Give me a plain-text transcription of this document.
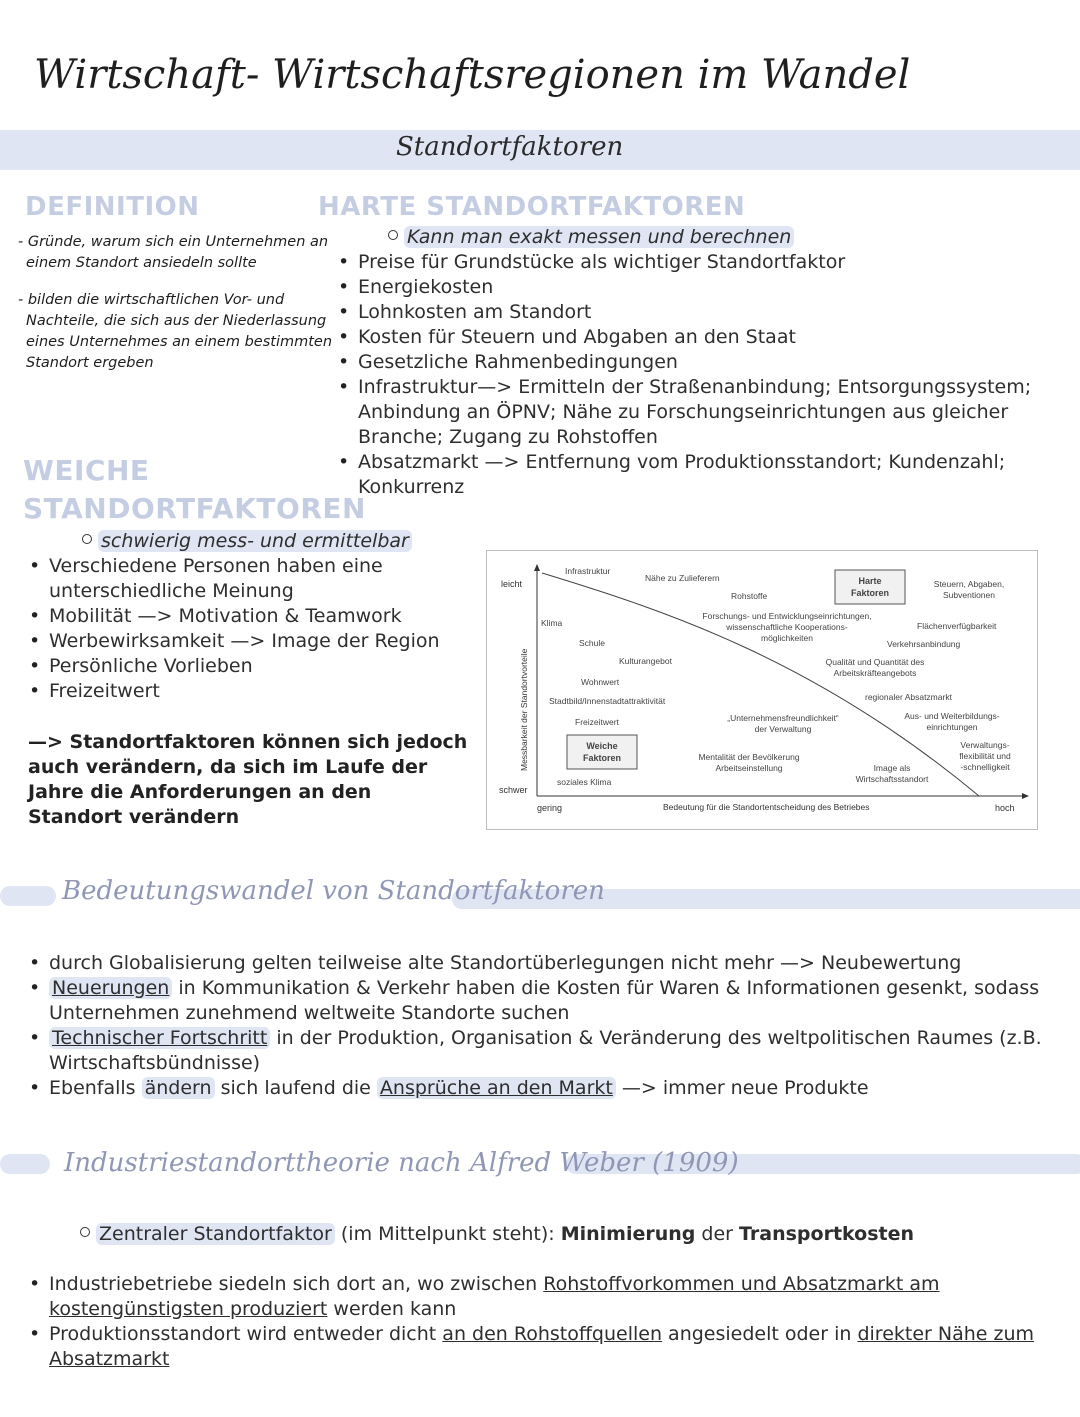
Wirtschaft- Wirtschaftsregionen im Wandel
Standortfaktoren
DEFINITION
- Gründe, warum sich ein Unternehmen an
einem Standort ansiedeln sollte
- bilden die wirtschaftlichen Vor- und
Nachteile, die sich aus der Niederlassung
eines Unternehmes an einem bestimmten
Standort ergeben
HARTE STANDORTFAKTOREN
Kann man exakt messen und berechnen
• Preise für Grundstücke als wichtiger Standortfaktor
• Energiekosten
• Lohnkosten am Standort
• Kosten für Steuern und Abgaben an den Staat
• Gesetzliche Rahmenbedingungen
• Infrastruktur—> Ermitteln der Straßenanbindung; Entsorgungssystem; Anbindung an ÖPNV; Nähe zu Forschungseinrichtungen aus gleicher Branche; Zugang zu Rohstoffen
• Absatzmarkt —> Entfernung vom Produktionsstandort; Kundenzahl; Konkurrenz
WEICHE
STANDORTFAKTOREN
schwierig mess- und ermittelbar
• Verschiedene Personen haben eine unterschiedliche Meinung
• Mobilität —> Motivation & Teamwork
• Werbewirksamkeit —> Image der Region
• Persönliche Vorlieben
• Freizeitwert
—> Standortfaktoren können sich jedoch auch verändern, da sich im Laufe der Jahre die Anforderungen an den Standort verändern
leicht
schwer
Messbarkeit der Standortvorteile
gering	hoch
Bedeutung für die Standortentscheidung des Betriebes
Harte
Faktoren
Weiche
Faktoren
Infrastruktur
Nähe zu Zulieferern
Rohstoffe
Steuern, Abgaben,
Subventionen
Forschungs- und Entwicklungseinrichtungen,
wissenschaftliche Kooperations-
möglichkeiten
Flächenverfügbarkeit
Klima
Schule	Verkehrsanbindung
Kulturangebot	Qualität und Quantität des
Arbeitskräfteangebots
Wohnwert
Stadtbild/Innenstadtattraktivität	regionaler Absatzmarkt
Freizeitwert	„Unternehmensfreundlichkeit“
der Verwaltung
Aus- und Weiterbildungs-
einrichtungen
Verwaltungs-
flexibilität und
-schnelligkeit
Mentalität der Bevölkerung
Arbeitseinstellung	Image als
Wirtschaftsstandort
soziales Klima
Bedeutungswandel von Standortfaktoren
• durch Globalisierung gelten teilweise alte Standortüberlegungen nicht mehr —> Neubewertung
• Neuerungen in Kommunikation & Verkehr haben die Kosten für Waren & Informationen gesenkt, sodass Unternehmen zunehmend weltweite Standorte suchen
• Technischer Fortschritt in der Produktion, Organisation & Veränderung des weltpolitischen Raumes (z.B. Wirtschaftsbündnisse)
• Ebenfalls ändern sich laufend die Ansprüche an den Markt —> immer neue Produkte
Industriestandorttheorie nach Alfred Weber (1909)
Zentraler Standortfaktor (im Mittelpunkt steht): Minimierung der Transportkosten
• Industriebetriebe siedeln sich dort an, wo zwischen Rohstoffvorkommen und Absatzmarkt am kostengünstigsten produziert werden kann
• Produktionsstandort wird entweder dicht an den Rohstoffquellen angesiedelt oder in direkter Nähe zum Absatzmarkt
